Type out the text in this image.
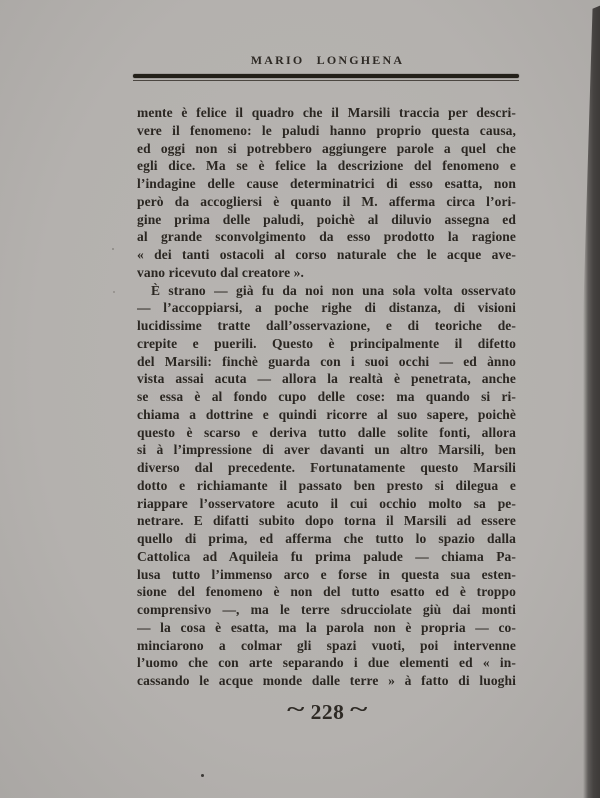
MARIO LONGHENA
mente è felice il quadro che il Marsili traccia per descri-
vere il fenomeno: le paludi hanno proprio questa causa,
ed oggi non si potrebbero aggiungere parole a quel che
egli dice. Ma se è felice la descrizione del fenomeno e
l’indagine delle cause determinatrici di esso esatta, non
però da accogliersi è quanto il M. afferma circa l’ori-
gine prima delle paludi, poichè al diluvio assegna ed
al grande sconvolgimento da esso prodotto la ragione
« dei tanti ostacoli al corso naturale che le acque ave-
vano ricevuto dal creatore ».
È strano — già fu da noi non una sola volta osservato
— l’accoppiarsi, a poche righe di distanza, di visioni
lucidissime tratte dall’osservazione, e di teoriche de-
crepite e puerili. Questo è principalmente il difetto
del Marsili: finchè guarda con i suoi occhi — ed ànno
vista assai acuta — allora la realtà è penetrata, anche
se essa è al fondo cupo delle cose: ma quando si ri-
chiama a dottrine e quindi ricorre al suo sapere, poichè
questo è scarso e deriva tutto dalle solite fonti, allora
si à l’impressione di aver davanti un altro Marsili, ben
diverso dal precedente. Fortunatamente questo Marsili
dotto e richiamante il passato ben presto si dilegua e
riappare l’osservatore acuto il cui occhio molto sa pe-
netrare. E difatti subito dopo torna il Marsili ad essere
quello di prima, ed afferma che tutto lo spazio dalla
Cattolica ad Aquileia fu prima palude — chiama Pa-
lusa tutto l’immenso arco e forse in questa sua esten-
sione del fenomeno è non del tutto esatto ed è troppo
comprensivo —, ma le terre sdrucciolate giù dai monti
— la cosa è esatta, ma la parola non è propria — co-
minciarono a colmar gli spazi vuoti, poi intervenne
l’uomo che con arte separando i due elementi ed « in-
cassando le acque monde dalle terre » à fatto di luoghi
~ 228 ~
